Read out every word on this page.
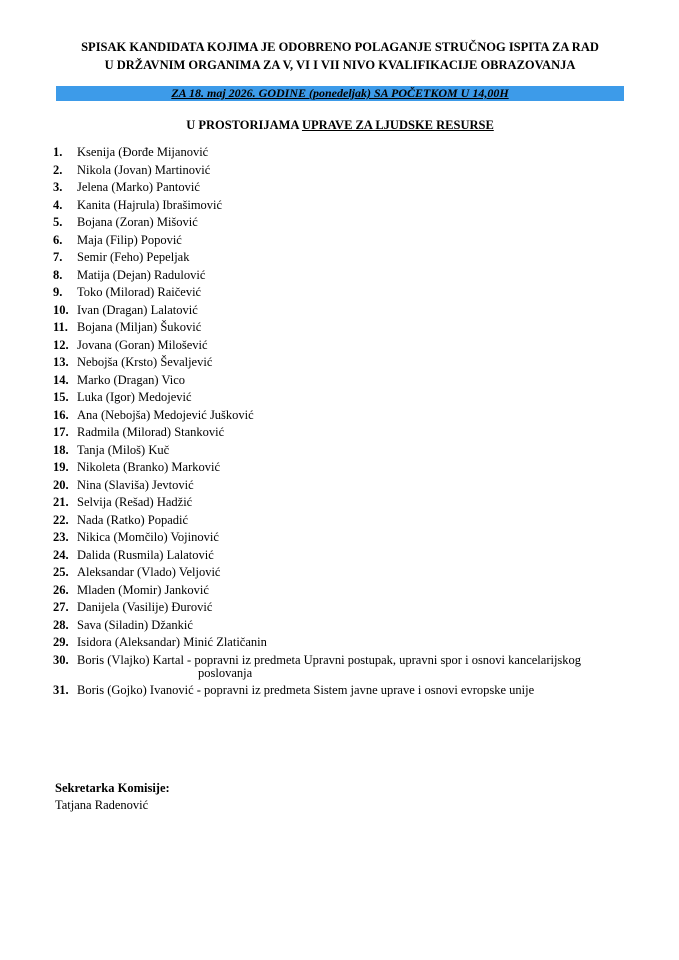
SPISAK KANDIDATA KOJIMA JE ODOBRENO POLAGANJE STRUČNOG ISPITA ZA RAD
U DRŽAVNIM ORGANIMA ZA V, VI I VII NIVO KVALIFIKACIJE OBRAZOVANJA
ZA 18. maj 2026. GODINE (ponedeljak) SA POČETKOM U 14,00H
U PROSTORIJAMA UPRAVE ZA LJUDSKE RESURSE
1. Ksenija (Đorđe Mijanović
2. Nikola (Jovan) Martinović
3. Jelena (Marko) Pantović
4. Kanita (Hajrula) Ibrašimović
5. Bojana (Zoran) Mišović
6. Maja (Filip) Popović
7. Semir (Feho) Pepeljak
8. Matija (Dejan) Radulović
9. Toko (Milorad) Raičević
10. Ivan (Dragan) Lalatović
11. Bojana (Miljan) Šuković
12. Jovana (Goran) Milošević
13. Nebojša (Krsto) Ševaljević
14. Marko (Dragan) Vico
15. Luka (Igor) Medojević
16. Ana (Nebojša) Medojević Jušković
17. Radmila (Milorad) Stanković
18. Tanja (Miloš) Kuč
19. Nikoleta (Branko) Marković
20. Nina (Slaviša) Jevtović
21. Selvija (Rešad) Hadžić
22. Nada (Ratko) Popadić
23. Nikica (Momčilo) Vojinović
24. Dalida (Rusmila) Lalatović
25. Aleksandar (Vlado) Veljović
26. Mladen (Momir) Janković
27. Danijela (Vasilije) Đurović
28. Sava (Siladin) Džankić
29. Isidora (Aleksandar) Minić Zlatičanin
30. Boris (Vlajko) Kartal - popravni iz predmeta Upravni postupak, upravni spor i osnovi kancelarijskog
poslovanja
31. Boris (Gojko) Ivanović - popravni iz predmeta Sistem javne uprave i osnovi evropske unije
Sekretarka Komisije:
Tatjana Radenović
